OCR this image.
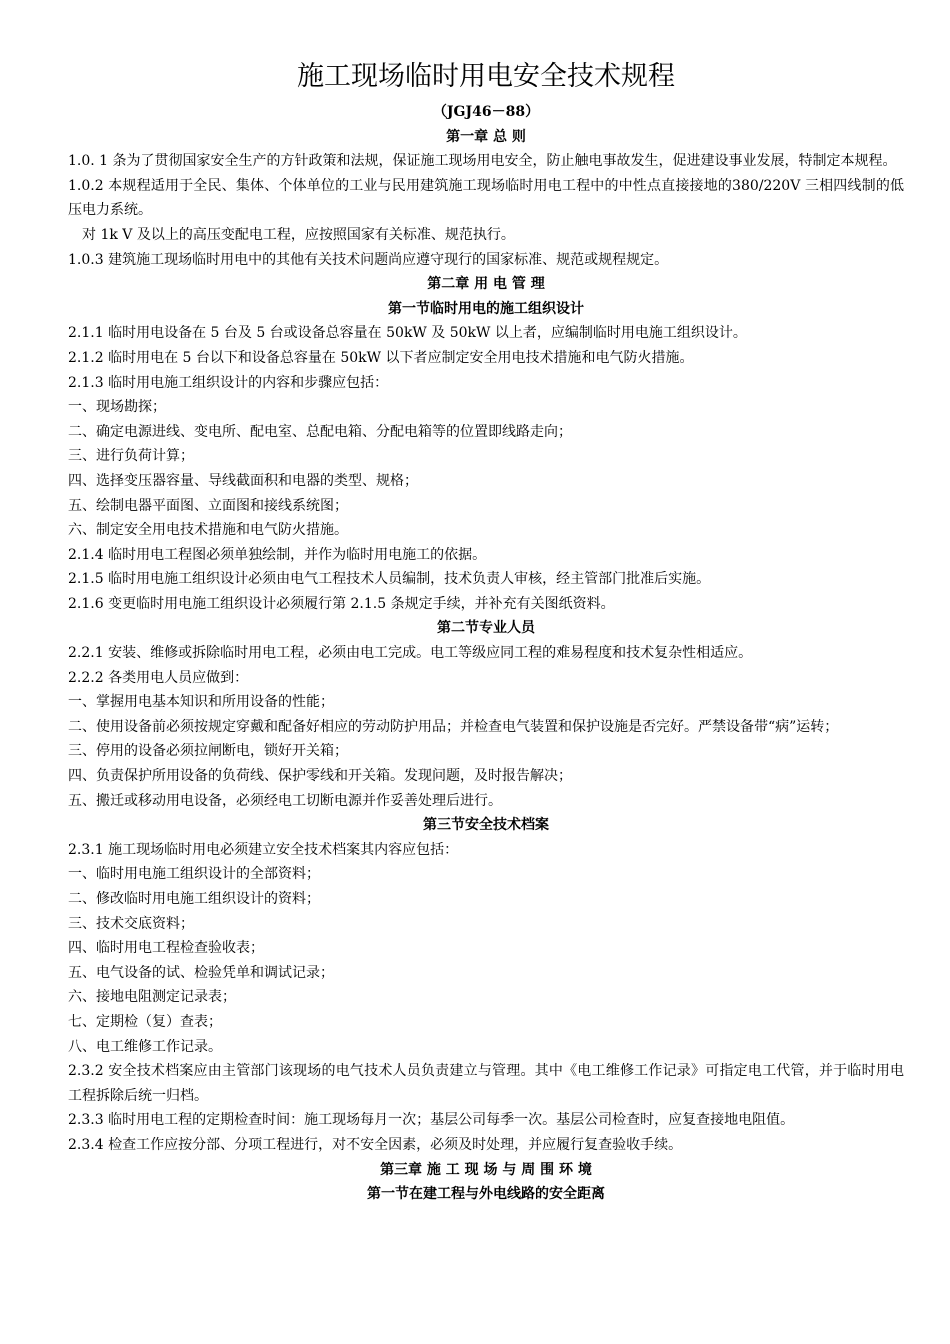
施工现场临时用电安全技术规程
（JGJ46－88）
第一章 总 则
1.0. 1 条为了贯彻国家安全生产的方针政策和法规，保证施工现场用电安全，防止触电事故发生，促进建设事业发展，特制定本规程。
1.0.2 本规程适用于全民、集体、个体单位的工业与民用建筑施工现场临时用电工程中的中性点直接接地的380/220V 三相四线制的低压电力系统。
对 1k V 及以上的高压变配电工程，应按照国家有关标准、规范执行。
1.0.3 建筑施工现场临时用电中的其他有关技术问题尚应遵守现行的国家标准、规范或规程规定。
第二章 用 电 管 理
第一节临时用电的施工组织设计
2.1.1 临时用电设备在 5 台及 5 台或设备总容量在 50kW 及 50kW 以上者，应编制临时用电施工组织设计。
2.1.2 临时用电在 5 台以下和设备总容量在 50kW 以下者应制定安全用电技术措施和电气防火措施。
2.1.3 临时用电施工组织设计的内容和步骤应包括：
一、现场勘探；
二、确定电源进线、变电所、配电室、总配电箱、分配电箱等的位置即线路走向；
三、进行负荷计算；
四、选择变压器容量、导线截面积和电器的类型、规格；
五、绘制电器平面图、立面图和接线系统图；
六、制定安全用电技术措施和电气防火措施。
2.1.4 临时用电工程图必须单独绘制，并作为临时用电施工的依据。
2.1.5 临时用电施工组织设计必须由电气工程技术人员编制，技术负责人审核，经主管部门批准后实施。
2.1.6 变更临时用电施工组织设计必须履行第 2.1.5 条规定手续，并补充有关图纸资料。
第二节专业人员
2.2.1 安装、维修或拆除临时用电工程，必须由电工完成。电工等级应同工程的难易程度和技术复杂性相适应。
2.2.2 各类用电人员应做到：
一、掌握用电基本知识和所用设备的性能；
二、使用设备前必须按规定穿戴和配备好相应的劳动防护用品；并检查电气装置和保护设施是否完好。严禁设备带“病”运转；
三、停用的设备必须拉闸断电，锁好开关箱；
四、负责保护所用设备的负荷线、保护零线和开关箱。发现问题，及时报告解决；
五、搬迁或移动用电设备，必须经电工切断电源并作妥善处理后进行。
第三节安全技术档案
2.3.1 施工现场临时用电必须建立安全技术档案其内容应包括：
一、临时用电施工组织设计的全部资料；
二、修改临时用电施工组织设计的资料；
三、技术交底资料；
四、临时用电工程检查验收表；
五、电气设备的试、检验凭单和调试记录；
六、接地电阻测定记录表；
七、定期检（复）查表；
八、电工维修工作记录。
2.3.2 安全技术档案应由主管部门该现场的电气技术人员负责建立与管理。其中《电工维修工作记录》可指定电工代管，并于临时用电工程拆除后统一归档。
2.3.3 临时用电工程的定期检查时间：施工现场每月一次；基层公司每季一次。基层公司检查时，应复查接地电阻值。
2.3.4 检查工作应按分部、分项工程进行，对不安全因素，必须及时处理，并应履行复查验收手续。
第三章 施 工 现 场 与 周 围 环 境
第一节在建工程与外电线路的安全距离
